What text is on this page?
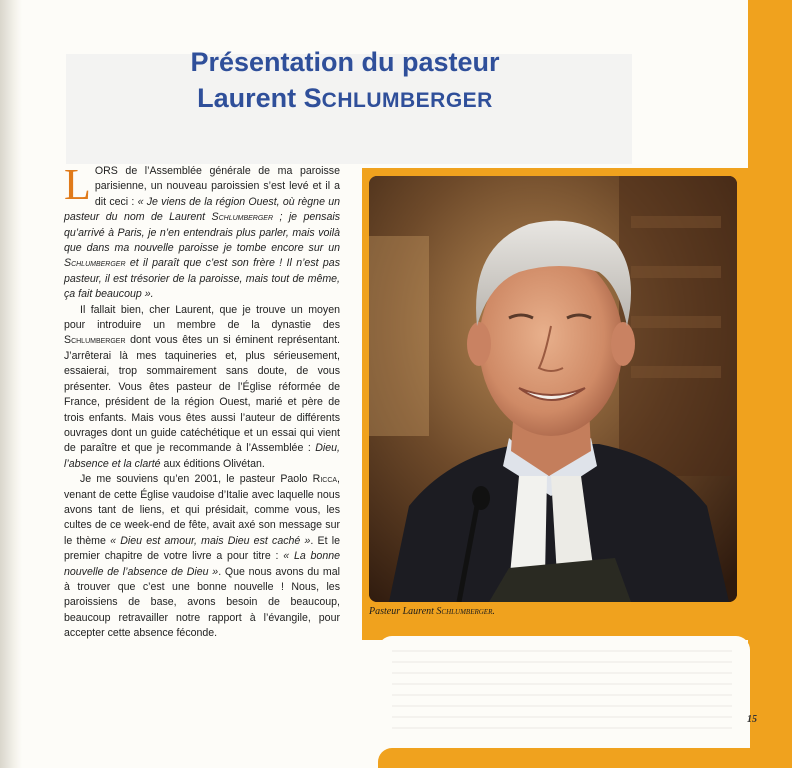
Présentation du pasteur
Laurent SCHLUMBERGER

LORS de l’Assemblée générale de ma paroisse parisienne, un nouveau paroissien s’est levé et il a dit ceci : « Je viens de la région Ouest, où règne un pasteur du nom de Laurent Schlumberger ; je pensais qu’arrivé à Paris, je n’en entendrais plus parler, mais voilà que dans ma nouvelle paroisse je tombe encore sur un Schlumberger et il paraît que c’est son frère ! Il n’est pas pasteur, il est trésorier de la paroisse, mais tout de même, ça fait beaucoup ».

Il fallait bien, cher Laurent, que je trouve un moyen pour introduire un membre de la dynastie des Schlumberger dont vous êtes un si éminent représentant. J’arrêterai là mes taquineries et, plus sérieusement, essaierai, trop sommairement sans doute, de vous présenter. Vous êtes pasteur de l’Église réformée de France, président de la région Ouest, marié et père de trois enfants. Mais vous êtes aussi l’auteur de différents ouvrages dont un guide catéchétique et un essai qui vient de paraître et que je recommande à l’Assemblée : Dieu, l’absence et la clarté aux éditions Olivétan.

Je me souviens qu’en 2001, le pasteur Paolo Ricca, venant de cette Église vaudoise d’Italie avec laquelle nous avons tant de liens, et qui présidait, comme vous, les cultes de ce week-end de fête, avait axé son message sur le thème « Dieu est amour, mais Dieu est caché ». Et le premier chapitre de votre livre a pour titre : « La bonne nouvelle de l’absence de Dieu ». Que nous avons du mal à trouver que c’est une bonne nouvelle ! Nous, les paroissiens de base, avons besoin de beaucoup, beaucoup retravailler notre rapport à l’évangile, pour accepter cette absence féconde.

Pasteur Laurent Schlumberger.
15
